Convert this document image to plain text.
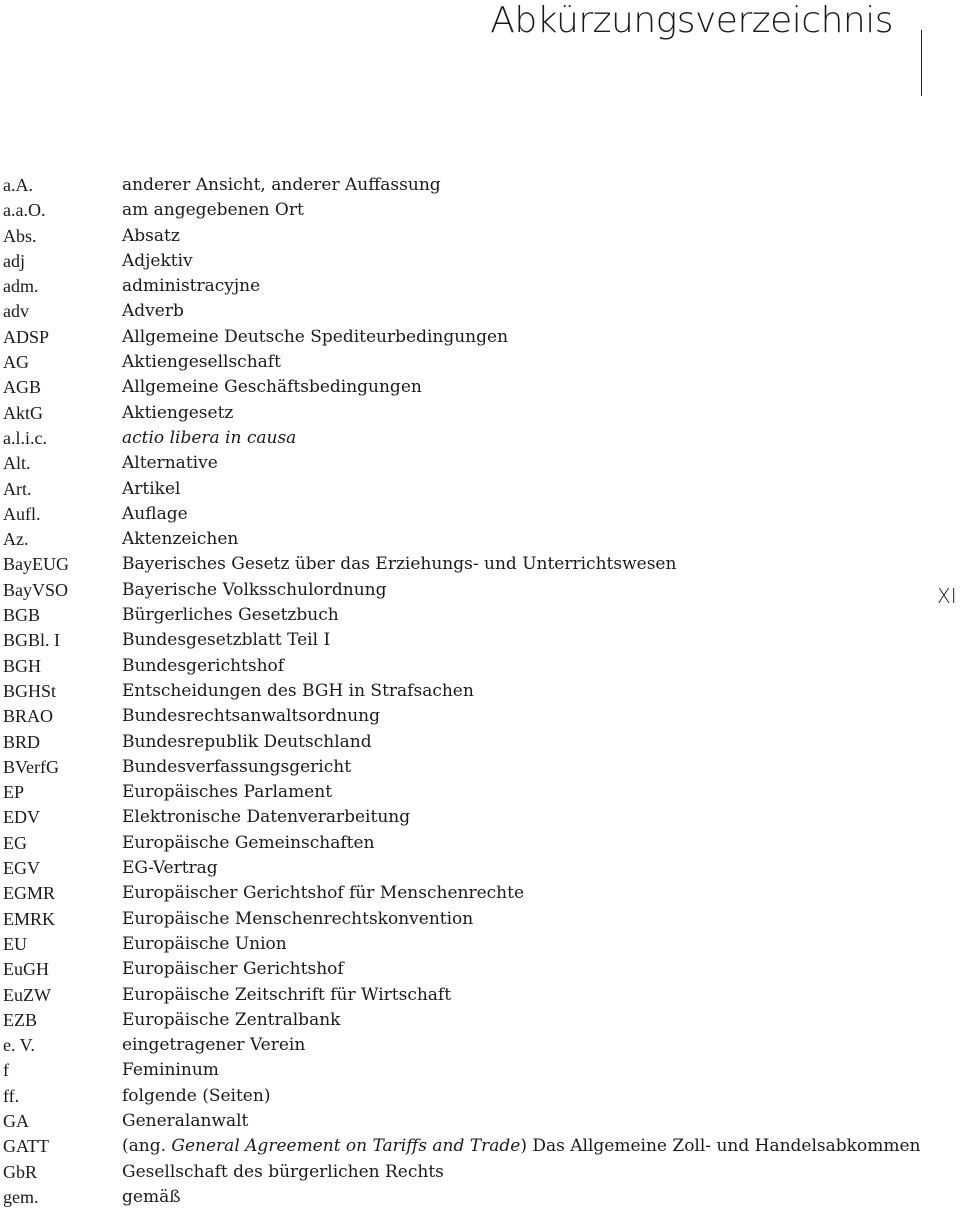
Abkürzungsverzeichnis
XI
a.A.	anderer Ansicht, anderer Auffassung
a.a.O.	am angegebenen Ort
Abs.	Absatz
adj	Adjektiv
adm.	administracyjne
adv	Adverb
ADSP	Allgemeine Deutsche Spediteurbedingungen
AG	Aktiengesellschaft
AGB	Allgemeine Geschäftsbedingungen
AktG	Aktiengesetz
a.l.i.c.	actio libera in causa
Alt.	Alternative
Art.	Artikel
Aufl.	Auflage
Az.	Aktenzeichen
BayEUG	Bayerisches Gesetz über das Erziehungs- und Unterrichtswesen
BayVSO	Bayerische Volksschulordnung
BGB	Bürgerliches Gesetzbuch
BGBl. I	Bundesgesetzblatt Teil I
BGH	Bundesgerichtshof
BGHSt	Entscheidungen des BGH in Strafsachen
BRAO	Bundesrechtsanwaltsordnung
BRD	Bundesrepublik Deutschland
BVerfG	Bundesverfassungsgericht
EP	Europäisches Parlament
EDV	Elektronische Datenverarbeitung
EG	Europäische Gemeinschaften
EGV	EG-Vertrag
EGMR	Europäischer Gerichtshof für Menschenrechte
EMRK	Europäische Menschenrechtskonvention
EU	Europäische Union
EuGH	Europäischer Gerichtshof
EuZW	Europäische Zeitschrift für Wirtschaft
EZB	Europäische Zentralbank
e. V.	eingetragener Verein
f	Femininum
ff.	folgende (Seiten)
GA	Generalanwalt
GATT	(ang. General Agreement on Tariffs and Trade) Das Allgemeine Zoll- und Handelsabkommen
GbR	Gesellschaft des bürgerlichen Rechts
gem.	gemäß
